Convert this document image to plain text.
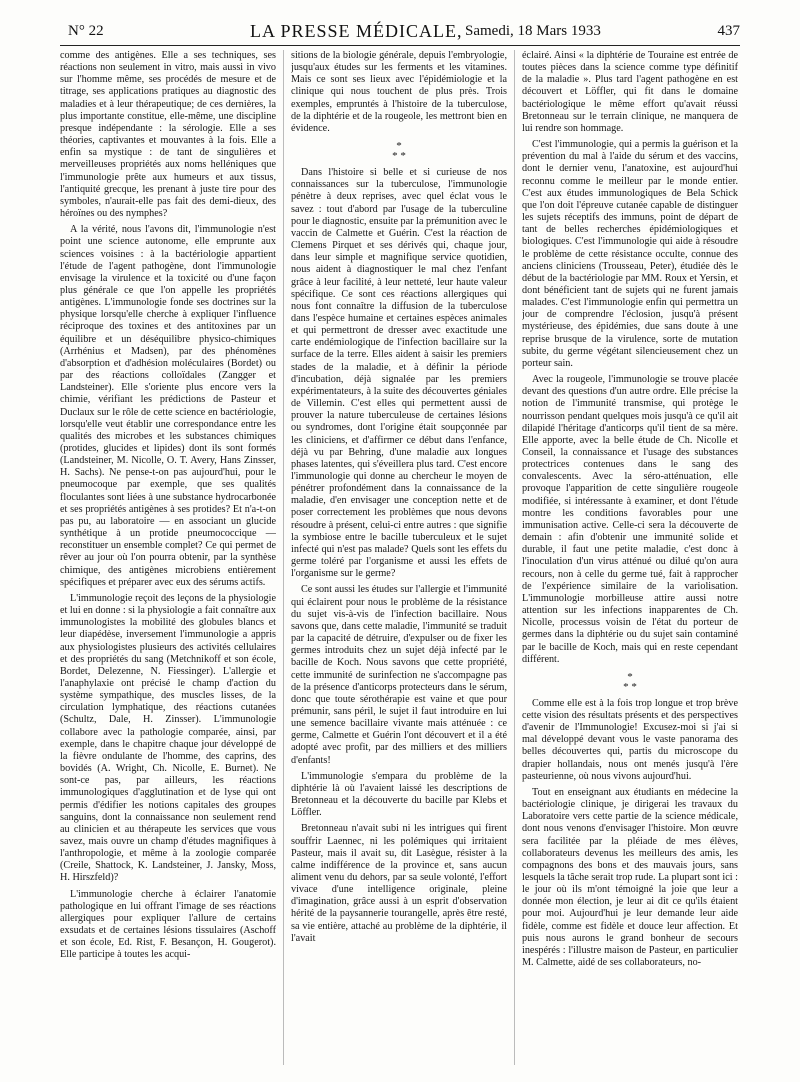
N° 22	LA PRESSE MÉDICALE, Samedi, 18 Mars 1933	437

comme des antigènes. Elle a ses techniques, ses réactions non seulement in vitro, mais aussi in vivo sur l'homme même, ses procédés de mesure et de titrage, ses applications pratiques au diagnostic des maladies et à leur thérapeutique; de ces dernières, la plus importante constitue, elle-même, une discipline presque indépendante : la sérologie. Elle a ses théories, captivantes et mouvantes à la fois. Elle a enfin sa mystique : de tant de singulières et merveilleuses propriétés aux noms helléniques que l'immunologie prête aux humeurs et aux tissus, l'antiquité grecque, les prenant à juste tire pour des symboles, n'aurait-elle pas fait des demi-dieux, des héroïnes ou des nymphes?

A la vérité, nous l'avons dit, l'immunologie n'est point une science autonome, elle emprunte aux sciences voisines : à la bactériologie appartient l'étude de l'agent pathogène, dont l'immunologie envisage la virulence et la toxicité ou d'une façon plus générale ce que l'on appelle les propriétés antigènes. L'immunologie fonde ses doctrines sur la physique lorsqu'elle cherche à expliquer l'influence réciproque des toxines et des antitoxines par un équilibre et un déséquilibre physico-chimiques (Arrhénius et Madsen), par des phénomènes d'absorption et d'adhésion moléculaires (Bordet) ou par des réactions colloïdales (Zangger et Landsteiner). Elle s'oriente plus encore vers la chimie, vérifiant les prédictions de Pasteur et Duclaux sur le rôle de cette science en bactériologie, lorsqu'elle veut établir une correspondance entre les qualités des microbes et les substances chimiques (protides, glucides et lipides) dont ils sont formés (Landsteiner, M. Nicolle, O. T. Avery, Hans Zinsser, H. Sachs). Ne pense-t-on pas aujourd'hui, pour le pneumocoque par exemple, que ses qualités floculantes sont liées à une substance hydrocarbonée et ses propriétés antigènes à ses protides? Et n'a-t-on pas pu, au laboratoire — en associant un glucide synthétique à un protide pneumococcique — reconstituer un ensemble complet? Ce qui permet de rêver au jour où l'on pourra obtenir, par la synthèse chimique, des antigènes microbiens entièrement spécifiques et préparer avec eux des sérums actifs.

L'immunologie reçoit des leçons de la physiologie et lui en donne : si la physiologie a fait connaître aux immunologistes la mobilité des globules blancs et leur diapédèse, inversement l'immunologie a appris aux physiologistes plusieurs des activités cellulaires et des propriétés du sang (Metchnikoff et son école, Bordet, Delezenne, N. Fiessinger). L'allergie et l'anaphylaxie ont précisé le champ d'action du système sympathique, des muscles lisses, de la circulation lymphatique, des réactions cutanées (Schultz, Dale, H. Zinsser). L'immunologie collabore avec la pathologie comparée, ainsi, par exemple, dans le chapitre chaque jour développé de la fièvre ondulante de l'homme, des caprins, des bovidés (A. Wright, Ch. Nicolle, E. Burnet). Ne sont-ce pas, par ailleurs, les réactions immunologiques d'agglutination et de lyse qui ont permis d'édifier les notions capitales des groupes sanguins, dont la connaissance non seulement rend au clinicien et au thérapeute les services que vous savez, mais ouvre un champ d'études magnifiques à l'anthropologie, et même à la zoologie comparée (Creile, Shattock, K. Landsteiner, J. Jansky, Moss, H. Hirszfeld)?

L'immunologie cherche à éclairer l'anatomie pathologique en lui offrant l'image de ses réactions allergiques pour expliquer l'allure de certains exsudats et de certaines lésions tissulaires (Aschoff et son école, Ed. Rist, F. Besançon, H. Gougerot). Elle participe à toutes les acqui-

sitions de la biologie générale, depuis l'embryologie, jusqu'aux études sur les ferments et les vitamines. Mais ce sont ses lieux avec l'épidémiologie et la clinique qui nous touchent de plus près. Trois exemples, empruntés à l'histoire de la tuberculose, de la diphtérie et de la rougeole, les mettront bien en évidence.

*
* *

Dans l'histoire si belle et si curieuse de nos connaissances sur la tuberculose, l'immunologie pénètre à deux reprises, avec quel éclat vous le savez : tout d'abord par l'usage de la tuberculine pour le diagnostic, ensuite par la prémunition avec le vaccin de Calmette et Guérin. C'est la réaction de Clemens Pirquet et ses dérivés qui, chaque jour, dans leur simple et magnifique service quotidien, nous aident à diagnostiquer le mal chez l'enfant grâce à leur facilité, à leur netteté, leur haute valeur spécifique. Ce sont ces réactions allergiques qui nous font connaître la diffusion de la tuberculose dans l'espèce humaine et certaines espèces animales et qui permettront de dresser avec exactitude une carte endémiologique de l'infection bacillaire sur la surface de la terre. Elles aident à saisir les premiers stades de la maladie, et à définir la période d'incubation, déjà signalée par les premiers expérimentateurs, à la suite des découvertes géniales de Villemin. C'est elles qui permettent aussi de prouver la nature tuberculeuse de certaines lésions ou syndromes, dont l'origine était soupçonnée par les cliniciens, et d'affirmer ce début dans l'enfance, déjà vu par Behring, d'une maladie aux longues phases latentes, qui s'éveillera plus tard. C'est encore l'immunologie qui donne au chercheur le moyen de pénétrer profondément dans la connaissance de la maladie, d'en envisager une conception nette et de poser correctement les problèmes que nous devons résoudre à présent, celui-ci entre autres : que signifie la symbiose entre le bacille tuberculeux et le sujet infecté qui n'est pas malade? Quels sont les effets du germe toléré par l'organisme et aussi les effets de l'organisme sur le germe?

Ce sont aussi les études sur l'allergie et l'immunité qui éclairent pour nous le problème de la résistance du sujet vis-à-vis de l'infection bacillaire. Nous savons que, dans cette maladie, l'immunité se traduit par la capacité de détruire, d'expulser ou de fixer les germes introduits chez un sujet déjà infecté par le bacille de Koch. Nous savons que cette propriété, cette immunité de surinfection ne s'accompagne pas de la présence d'anticorps protecteurs dans le sérum, donc que toute sérothérapie est vaine et que pour prémunir, sans péril, le sujet il faut introduire en lui une semence bacillaire vivante mais atténuée : ce germe, Calmette et Guérin l'ont découvert et il a été adopté avec profit, par des milliers et des milliers d'enfants!

L'immunologie s'empara du problème de la diphtérie là où l'avaient laissé les descriptions de Bretonneau et la découverte du bacille par Klebs et Löffler.

Bretonneau n'avait subi ni les intrigues qui firent souffrir Laennec, ni les polémiques qui irritaient Pasteur, mais il avait su, dit Lasègue, résister à la calme indifférence de la province et, sans aucun aliment venu du dehors, par sa seule volonté, l'effort vivace d'une intelligence originale, pleine d'imagination, grâce aussi à un esprit d'observation hérité de la paysannerie tourangelle, après être resté, sa vie entière, attaché au problème de la diphtérie, il l'avait

éclairé. Ainsi « la diphtérie de Touraine est entrée de toutes pièces dans la science comme type définitif de la maladie ». Plus tard l'agent pathogène en est découvert et Löffler, qui fit dans le domaine bactériologique le même effort qu'avait réussi Bretonneau sur le terrain clinique, ne manquera de lui rendre son hommage.

C'est l'immunologie, qui a permis la guérison et la prévention du mal à l'aide du sérum et des vaccins, dont le dernier venu, l'anatoxine, est aujourd'hui reconnu comme le meilleur par le monde entier. C'est aux études immunologiques de Bela Schick que l'on doit l'épreuve cutanée capable de distinguer les sujets réceptifs des immuns, point de départ de tant de belles recherches épidémiologiques et biologiques. C'est l'immunologie qui aide à résoudre le problème de cette résistance occulte, connue des anciens cliniciens (Trousseau, Peter), étudiée dès le début de la bactériologie par MM. Roux et Yersin, et dont bénéficient tant de sujets qui ne furent jamais malades. C'est l'immunologie enfin qui permettra un jour de comprendre l'éclosion, jusqu'à présent mystérieuse, des épidémies, due sans doute à une reprise brusque de la virulence, sorte de mutation subite, du germe végétant silencieusement chez un porteur sain.

Avec la rougeole, l'immunologie se trouve placée devant des questions d'un autre ordre. Elle précise la notion de l'immunité transmise, qui protège le nourrisson pendant quelques mois jusqu'à ce qu'il ait dilapidé l'héritage d'anticorps qu'il tient de sa mère. Elle apporte, avec la belle étude de Ch. Nicolle et Conseil, la connaissance et l'usage des substances protectrices contenues dans le sang des convalescents. Avec la séro-atténuation, elle provoque l'apparition de cette singulière rougeole modifiée, si intéressante à examiner, et dont l'étude montre les conditions favorables pour une immunisation active. Celle-ci sera la découverte de demain : afin d'obtenir une immunité solide et durable, il faut une petite maladie, c'est donc à l'inoculation d'un virus atténué ou dilué qu'on aura recours, non à celle du germe tué, fait à rapprocher de l'expérience similaire de la variolisation. L'immunologie morbilleuse attire aussi notre attention sur les infections inapparentes de Ch. Nicolle, processus voisin de l'état du porteur de germes dans la diphtérie ou du sujet sain contaminé par le bacille de Koch, mais qui en reste cependant différent.

*
* *

Comme elle est à la fois trop longue et trop brève cette vision des résultats présents et des perspectives d'avenir de l'Immunologie! Excusez-moi si j'ai si mal développé devant vous le vaste panorama des belles découvertes qui, partis du microscope du drapier hollandais, nous ont menés jusqu'à l'ère pasteurienne, où nous vivons aujourd'hui.

Tout en enseignant aux étudiants en médecine la bactériologie clinique, je dirigerai les travaux du Laboratoire vers cette partie de la science médicale, dont nous venons d'envisager l'histoire. Mon œuvre sera facilitée par la pléiade de mes élèves, collaborateurs devenus les meilleurs des amis, les compagnons des bons et des mauvais jours, sans lesquels la tâche serait trop rude. La plupart sont ici : le jour où ils m'ont témoigné la joie que leur a donnée mon élection, je leur ai dit ce qu'ils étaient pour moi. Aujourd'hui je leur demande leur aide fidèle, comme est fidèle et douce leur affection. Et puis nous aurons le grand bonheur de secours inespérés : l'illustre maison de Pasteur, en particulier M. Calmette, aidé de ses collaborateurs, no-
